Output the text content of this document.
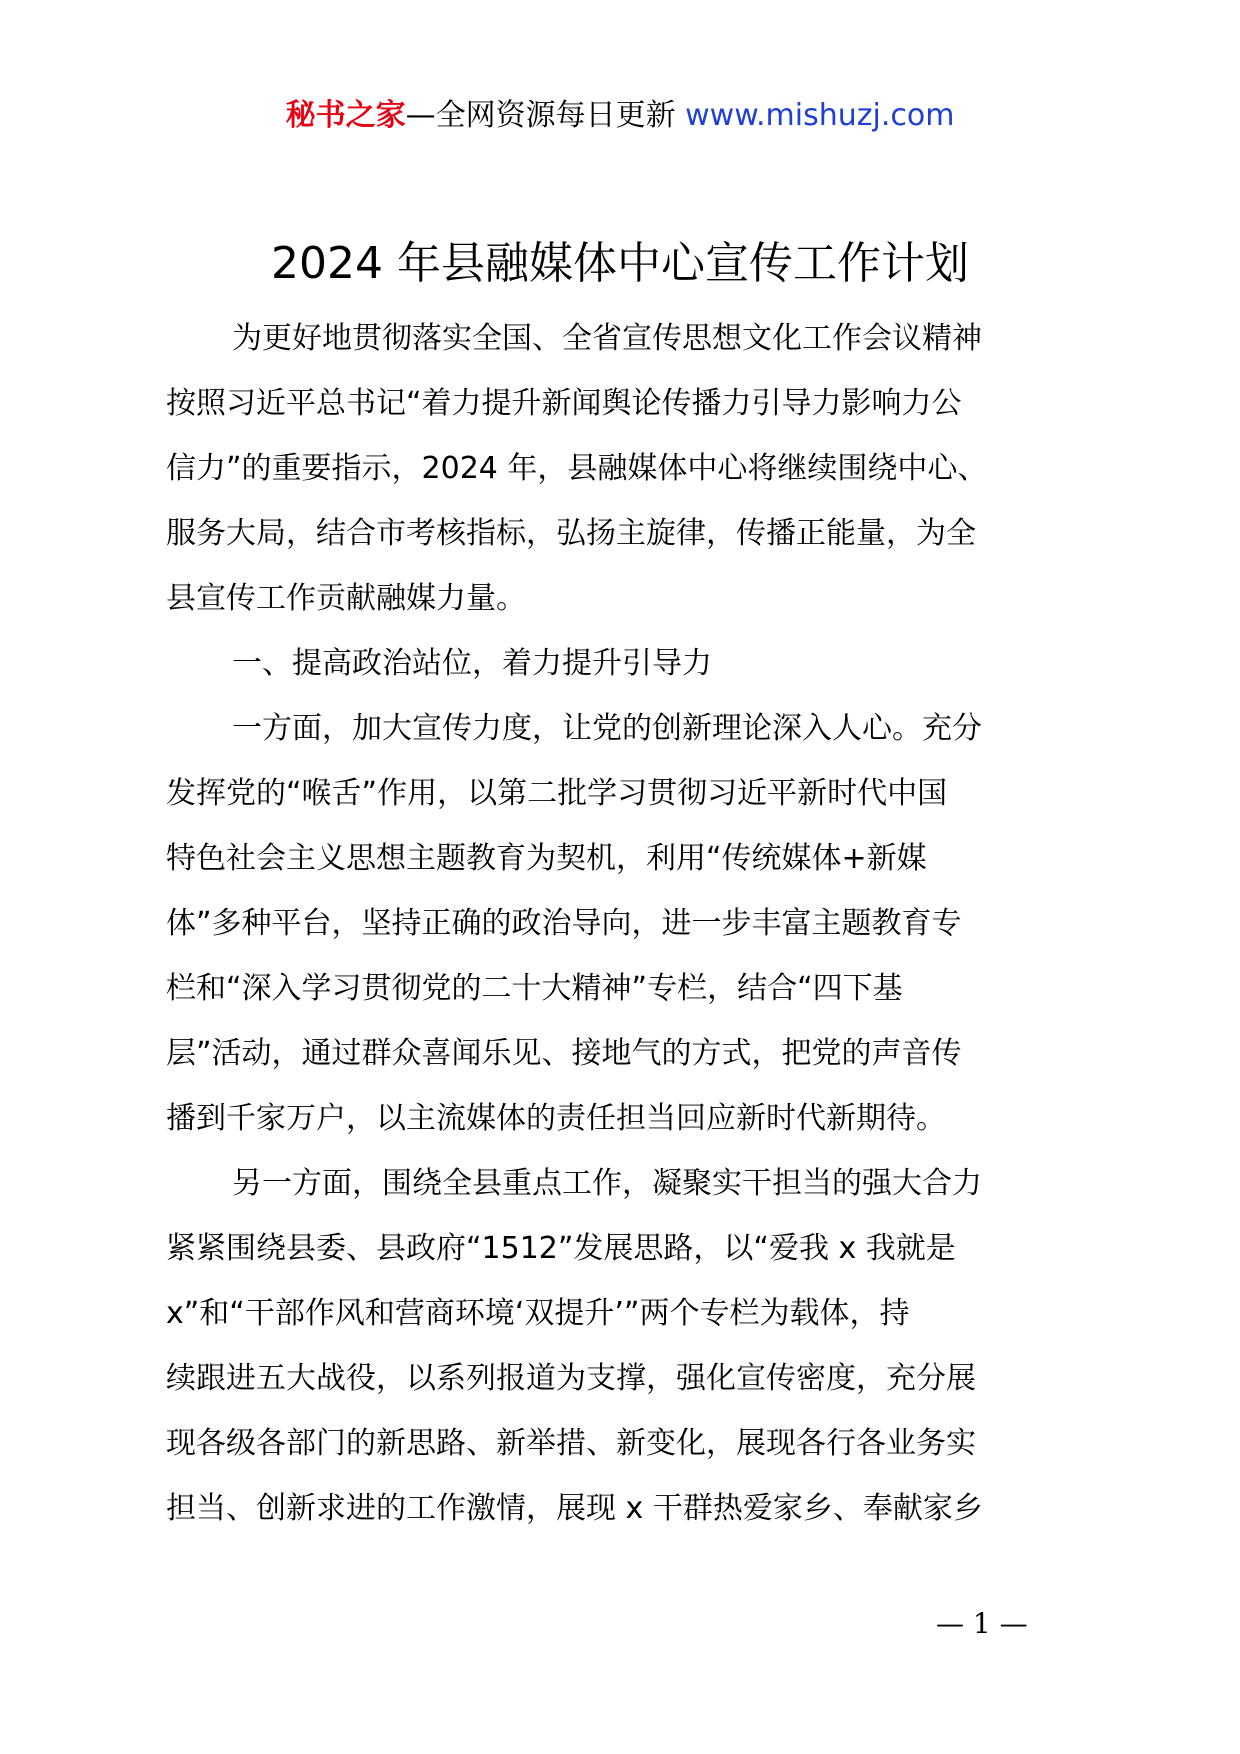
秘书之家—全网资源每日更新 www.mishuzj.com
2024 年县融媒体中心宣传工作计划

为更好地贯彻落实全国、全省宣传思想文化工作会议精神
按照习近平总书记“着力提升新闻舆论传播力引导力影响力公
信力”的重要指示，2024 年，县融媒体中心将继续围绕中心、
服务大局，结合市考核指标，弘扬主旋律，传播正能量，为全
县宣传工作贡献融媒力量。

一、提高政治站位，着力提升引导力

一方面，加大宣传力度，让党的创新理论深入人心。充分
发挥党的“喉舌”作用，以第二批学习贯彻习近平新时代中国
特色社会主义思想主题教育为契机，利用“传统媒体+新媒
体”多种平台，坚持正确的政治导向，进一步丰富主题教育专
栏和“深入学习贯彻党的二十大精神”专栏，结合“四下基
层”活动，通过群众喜闻乐见、接地气的方式，把党的声音传
播到千家万户，以主流媒体的责任担当回应新时代新期待。

另一方面，围绕全县重点工作，凝聚实干担当的强大合力
紧紧围绕县委、县政府“1512”发展思路，以“爱我 x 我就是
x”和“干部作风和营商环境‘双提升’”两个专栏为载体，持
续跟进五大战役，以系列报道为支撑，强化宣传密度，充分展
现各级各部门的新思路、新举措、新变化，展现各行各业务实
担当、创新求进的工作激情，展现 x 干群热爱家乡、奉献家乡

— 1 —
